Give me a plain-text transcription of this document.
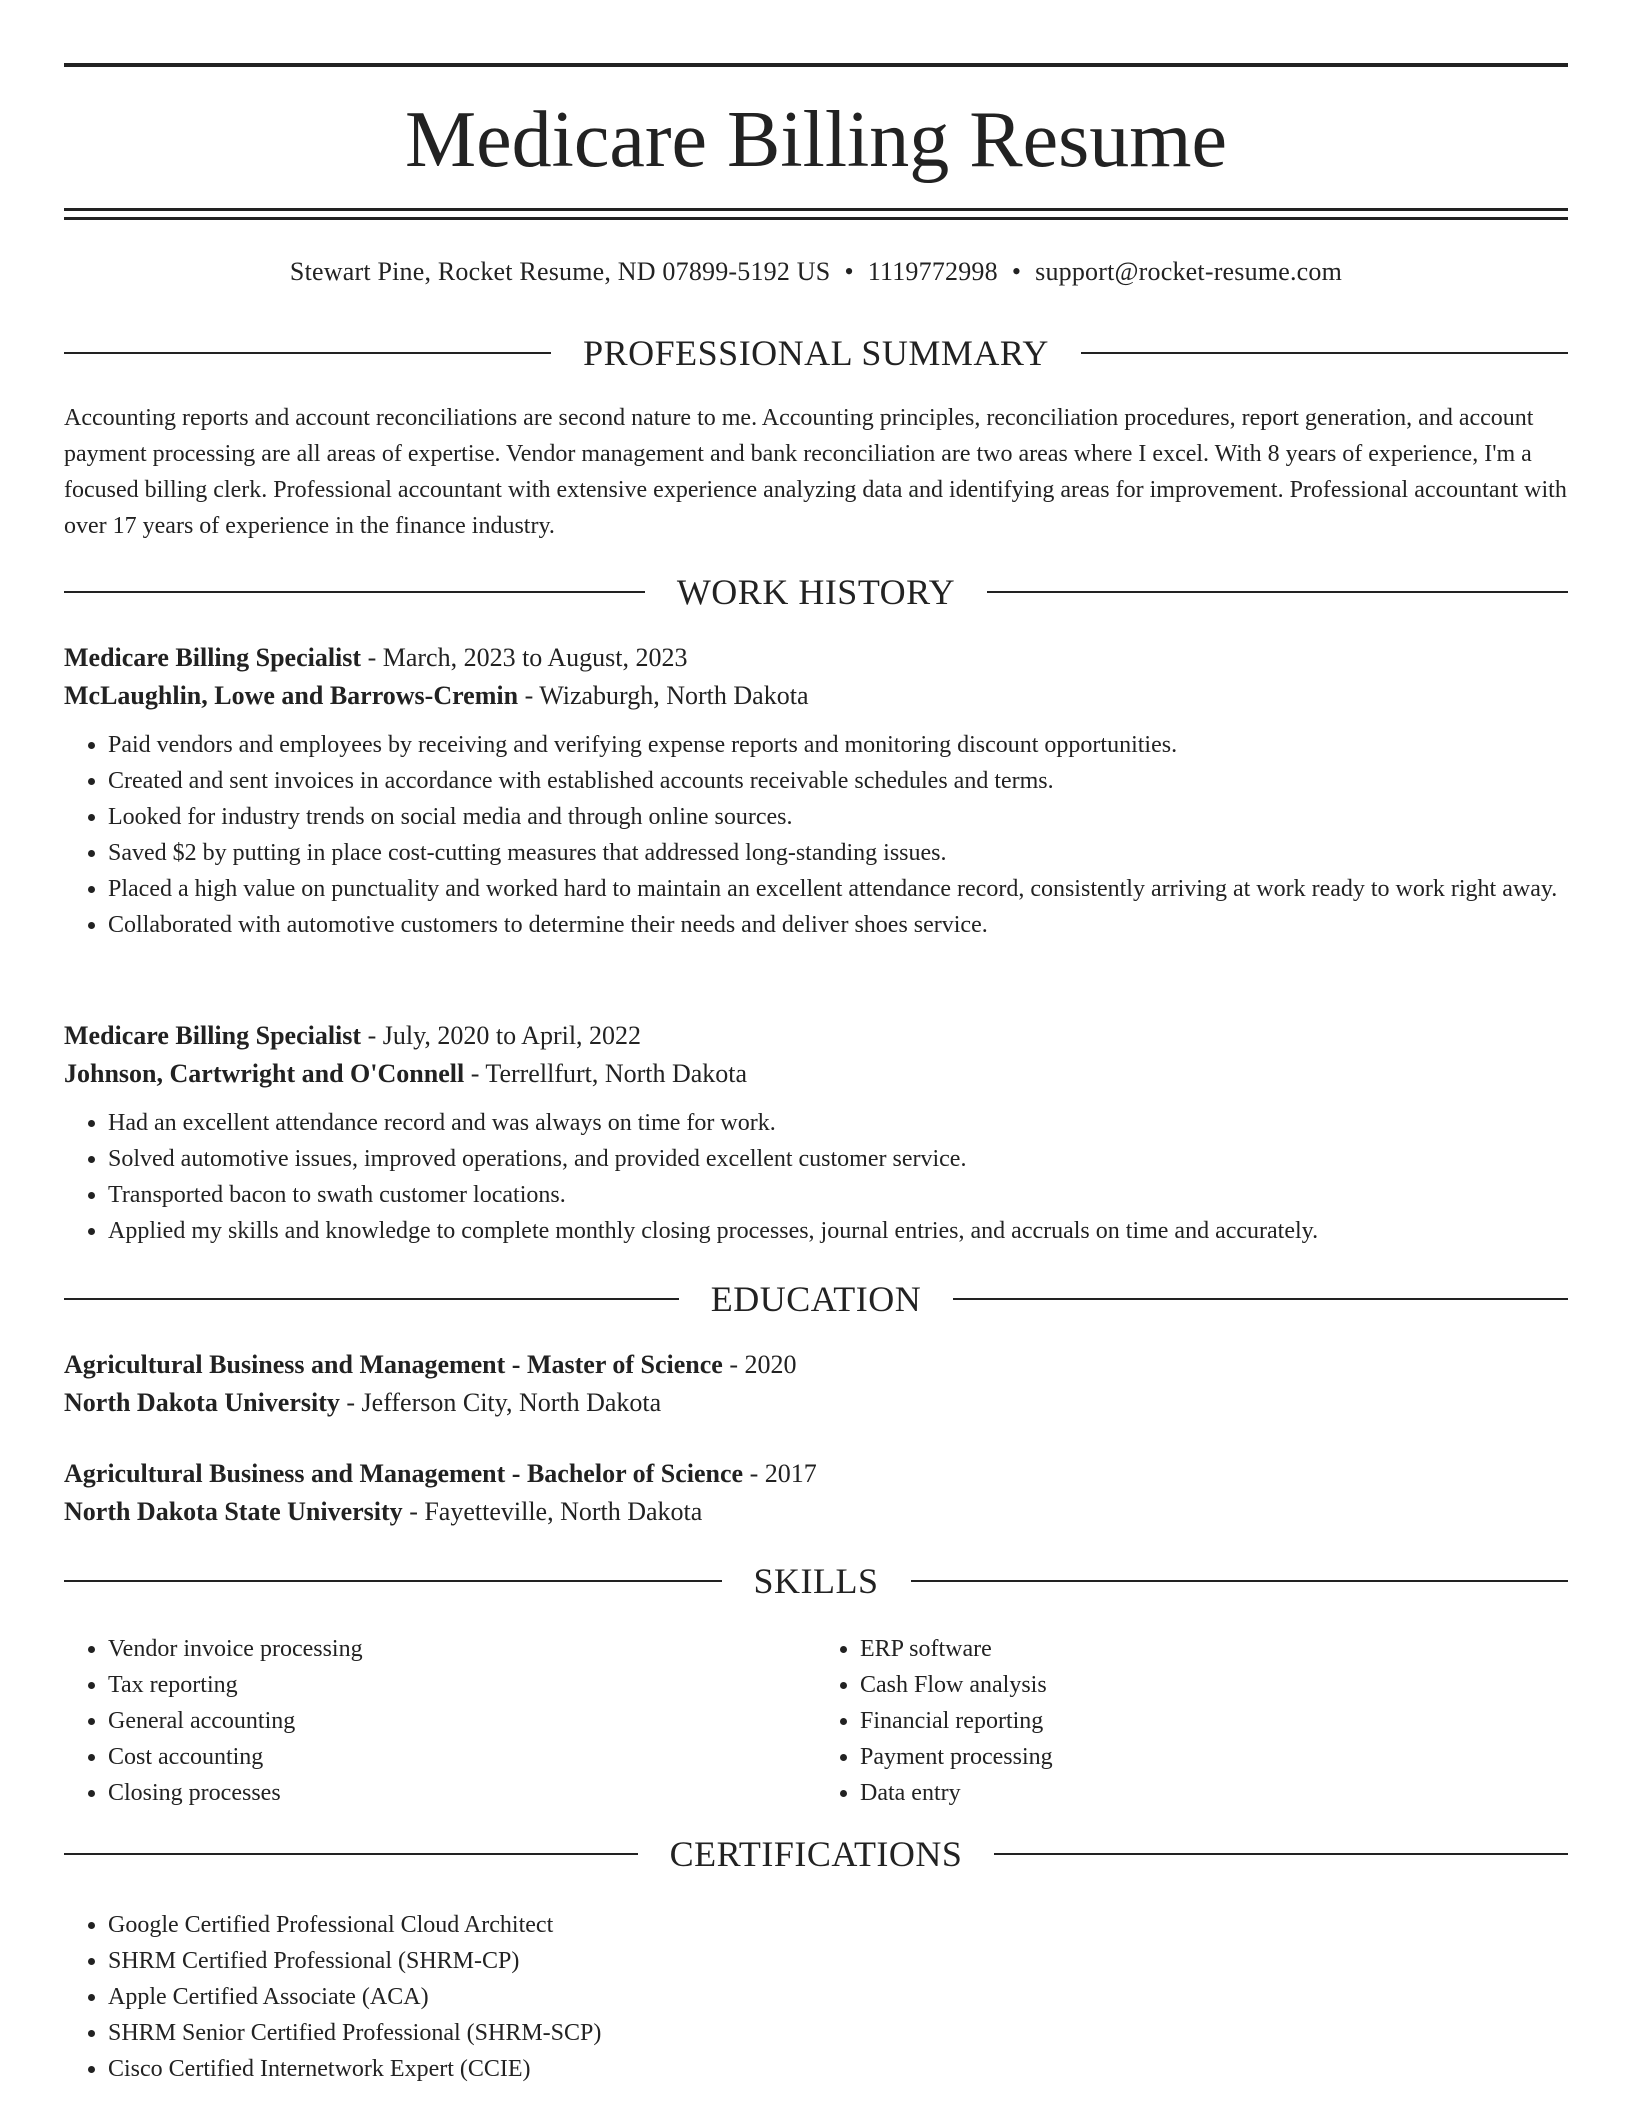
Medicare Billing Resume
Stewart Pine, Rocket Resume, ND 07899-5192 US • 1119772998 • support@rocket-resume.com
PROFESSIONAL SUMMARY

Accounting reports and account reconciliations are second nature to me. Accounting principles, reconciliation procedures, report generation, and account payment processing are all areas of expertise. Vendor management and bank reconciliation are two areas where I excel. With 8 years of experience, I'm a focused billing clerk. Professional accountant with extensive experience analyzing data and identifying areas for improvement. Professional accountant with over 17 years of experience in the finance industry.

WORK HISTORY
Medicare Billing Specialist - March, 2023 to August, 2023
McLaughlin, Lowe and Barrows-Cremin - Wizaburgh, North Dakota
• Paid vendors and employees by receiving and verifying expense reports and monitoring discount opportunities.
• Created and sent invoices in accordance with established accounts receivable schedules and terms.
• Looked for industry trends on social media and through online sources.
• Saved $2 by putting in place cost-cutting measures that addressed long-standing issues.
• Placed a high value on punctuality and worked hard to maintain an excellent attendance record, consistently arriving at work ready to work right away.
• Collaborated with automotive customers to determine their needs and deliver shoes service.
Medicare Billing Specialist - July, 2020 to April, 2022
Johnson, Cartwright and O'Connell - Terrellfurt, North Dakota
• Had an excellent attendance record and was always on time for work.
• Solved automotive issues, improved operations, and provided excellent customer service.
• Transported bacon to swath customer locations.
• Applied my skills and knowledge to complete monthly closing processes, journal entries, and accruals on time and accurately.
EDUCATION
Agricultural Business and Management - Master of Science - 2020
North Dakota University - Jefferson City, North Dakota
Agricultural Business and Management - Bachelor of Science - 2017
North Dakota State University - Fayetteville, North Dakota
SKILLS
• Vendor invoice processing
• Tax reporting
• General accounting
• Cost accounting
• Closing processes
• ERP software
• Cash Flow analysis
• Financial reporting
• Payment processing
• Data entry
CERTIFICATIONS
• Google Certified Professional Cloud Architect
• SHRM Certified Professional (SHRM-CP)
• Apple Certified Associate (ACA)
• SHRM Senior Certified Professional (SHRM-SCP)
• Cisco Certified Internetwork Expert (CCIE)
